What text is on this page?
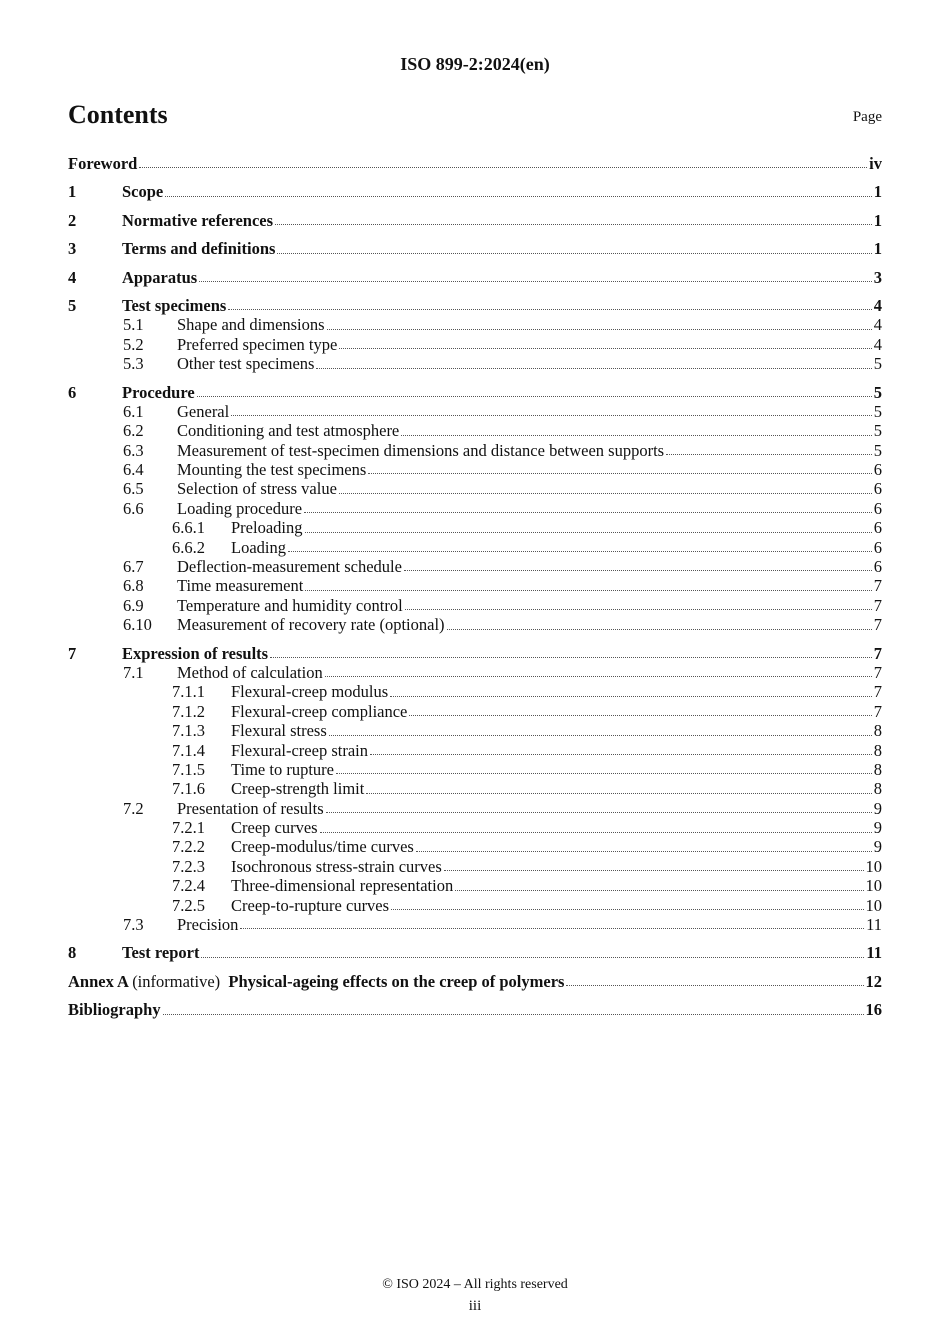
ISO 899-2:2024(en)
Contents	Page
Foreword	iv
1	Scope	1
2	Normative references	1
3	Terms and definitions	1
4	Apparatus	3
5	Test specimens	4
5.1	Shape and dimensions	4
5.2	Preferred specimen type	4
5.3	Other test specimens	5
6	Procedure	5
6.1	General	5
6.2	Conditioning and test atmosphere	5
6.3	Measurement of test-specimen dimensions and distance between supports	5
6.4	Mounting the test specimens	6
6.5	Selection of stress value	6
6.6	Loading procedure	6
6.6.1	Preloading	6
6.6.2	Loading	6
6.7	Deflection-measurement schedule	6
6.8	Time measurement	7
6.9	Temperature and humidity control	7
6.10	Measurement of recovery rate (optional)	7
7	Expression of results	7
7.1	Method of calculation	7
7.1.1	Flexural-creep modulus	7
7.1.2	Flexural-creep compliance	7
7.1.3	Flexural stress	8
7.1.4	Flexural-creep strain	8
7.1.5	Time to rupture	8
7.1.6	Creep-strength limit	8
7.2	Presentation of results	9
7.2.1	Creep curves	9
7.2.2	Creep-modulus/time curves	9
7.2.3	Isochronous stress-strain curves	10
7.2.4	Three-dimensional representation	10
7.2.5	Creep-to-rupture curves	10
7.3	Precision	11
8	Test report	11
Annex A (informative) Physical-ageing effects on the creep of polymers	12
Bibliography	16
© ISO 2024 – All rights reserved
iii
